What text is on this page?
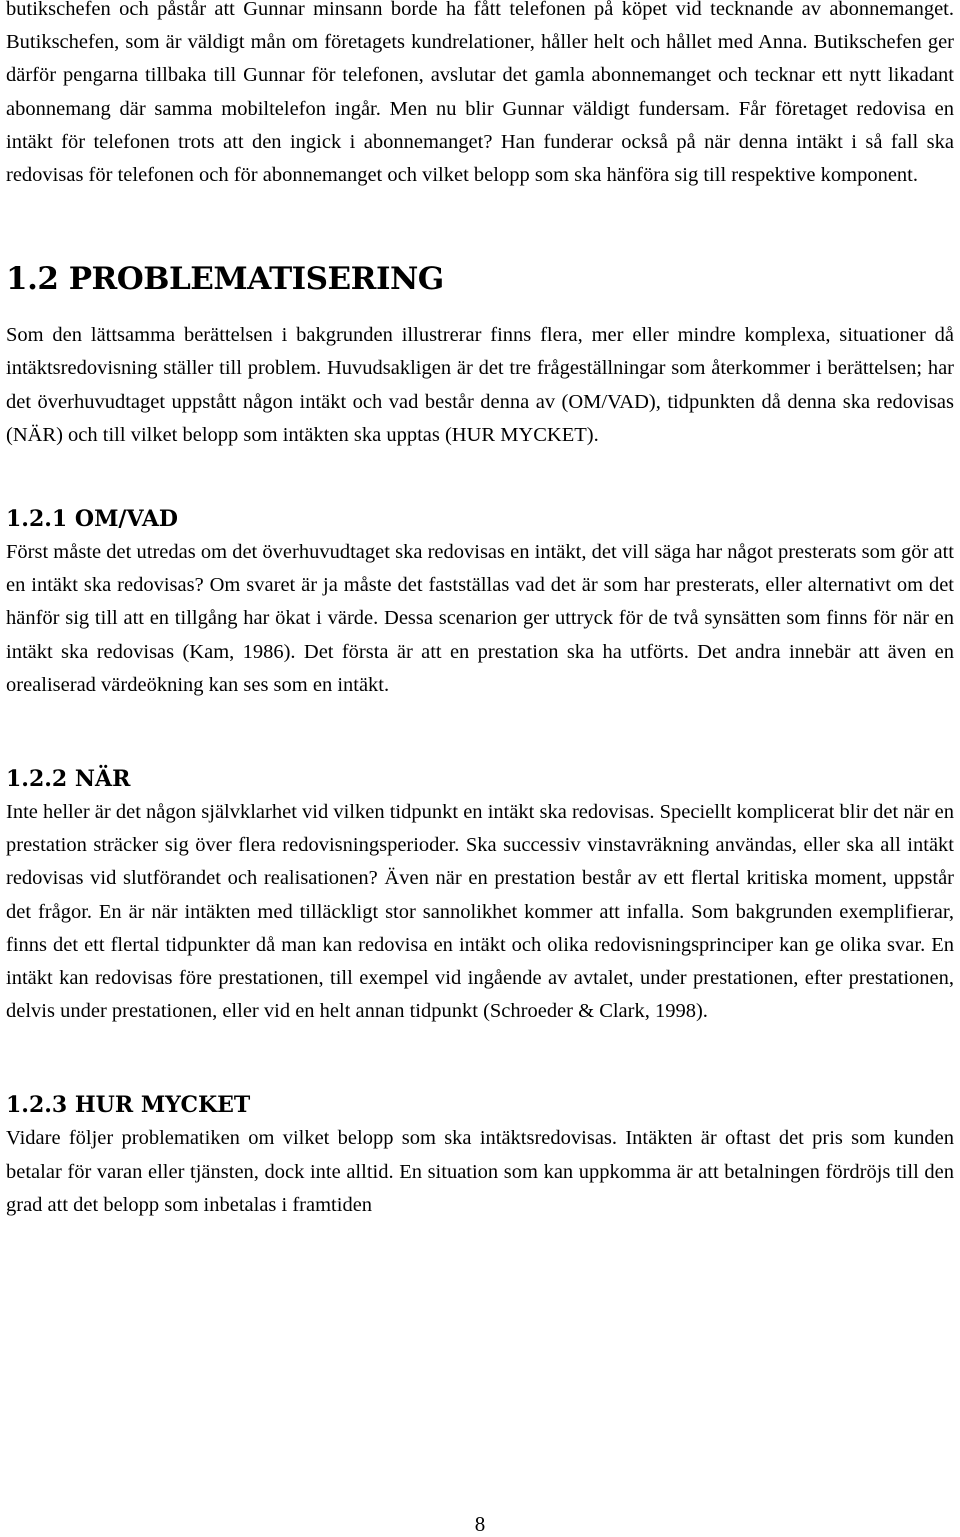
butikschefen och påstår att Gunnar minsann borde ha fått telefonen på köpet vid tecknande av abonnemanget. Butikschefen, som är väldigt mån om företagets kundrelationer, håller helt och hållet med Anna. Butikschefen ger därför pengarna tillbaka till Gunnar för telefonen, avslutar det gamla abonnemanget och tecknar ett nytt likadant abonnemang där samma mobiltelefon ingår. Men nu blir Gunnar väldigt fundersam. Får företaget redovisa en intäkt för telefonen trots att den ingick i abonnemanget? Han funderar också på när denna intäkt i så fall ska redovisas för telefonen och för abonnemanget och vilket belopp som ska hänföra sig till respektive komponent.

1.2 PROBLEMATISERING

Som den lättsamma berättelsen i bakgrunden illustrerar finns flera, mer eller mindre komplexa, situationer då intäktsredovisning ställer till problem. Huvudsakligen är det tre frågeställningar som återkommer i berättelsen; har det överhuvudtaget uppstått någon intäkt och vad består denna av (OM/VAD), tidpunkten då denna ska redovisas (NÄR) och till vilket belopp som intäkten ska upptas (HUR MYCKET).

1.2.1 OM/VAD

Först måste det utredas om det överhuvudtaget ska redovisas en intäkt, det vill säga har något presterats som gör att en intäkt ska redovisas? Om svaret är ja måste det fastställas vad det är som har presterats, eller alternativt om det hänför sig till att en tillgång har ökat i värde. Dessa scenarion ger uttryck för de två synsätten som finns för när en intäkt ska redovisas (Kam, 1986). Det första är att en prestation ska ha utförts. Det andra innebär att även en orealiserad värdeökning kan ses som en intäkt.

1.2.2 NÄR

Inte heller är det någon självklarhet vid vilken tidpunkt en intäkt ska redovisas. Speciellt komplicerat blir det när en prestation sträcker sig över flera redovisningsperioder. Ska successiv vinstavräkning användas, eller ska all intäkt redovisas vid slutförandet och realisationen? Även när en prestation består av ett flertal kritiska moment, uppstår det frågor. En är när intäkten med tilläckligt stor sannolikhet kommer att infalla. Som bakgrunden exemplifierar, finns det ett flertal tidpunkter då man kan redovisa en intäkt och olika redovisningsprinciper kan ge olika svar. En intäkt kan redovisas före prestationen, till exempel vid ingående av avtalet, under prestationen, efter prestationen, delvis under prestationen, eller vid en helt annan tidpunkt (Schroeder & Clark, 1998).

1.2.3 HUR MYCKET

Vidare följer problematiken om vilket belopp som ska intäktsredovisas. Intäkten är oftast det pris som kunden betalar för varan eller tjänsten, dock inte alltid. En situation som kan uppkomma är att betalningen fördröjs till den grad att det belopp som inbetalas i framtiden

8
